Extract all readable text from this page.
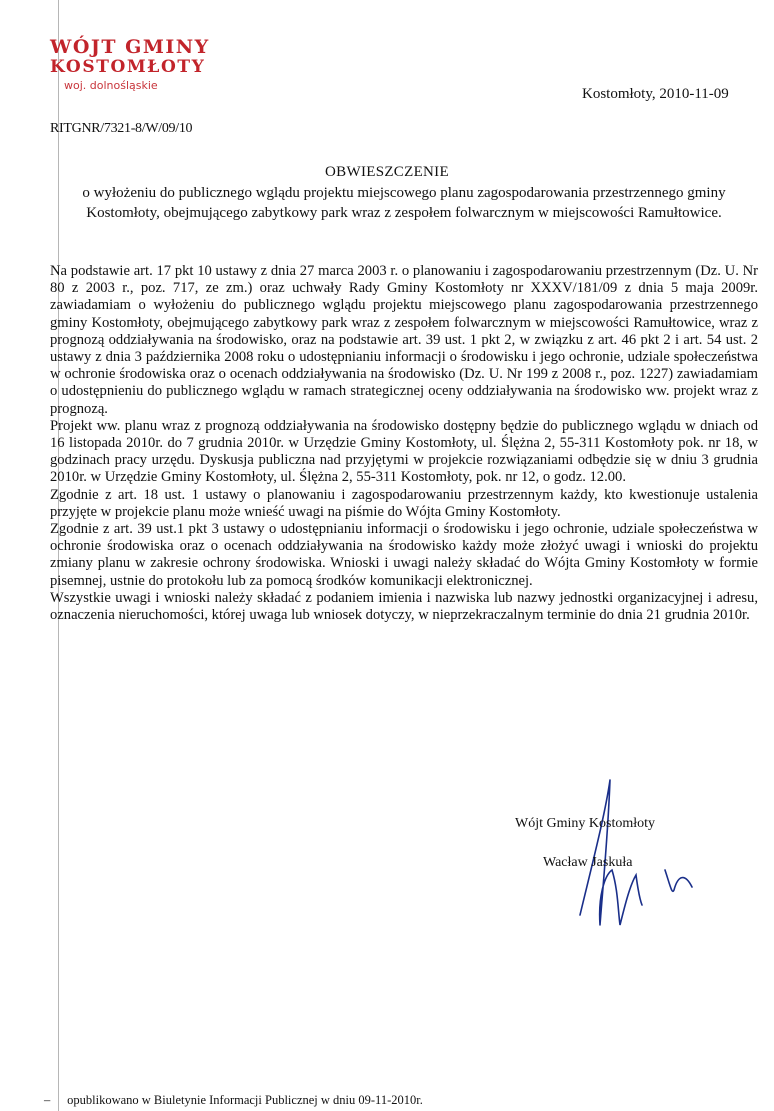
WÓJT GMINY
KOSTOMŁOTY
woj. dolnośląskie
Kostomłoty, 2010-11-09
RITGNR/7321-8/W/09/10
OBWIESZCZENIE
o wyłożeniu do publicznego wglądu projektu miejscowego planu zagospodarowania przestrzennego gminy Kostomłoty, obejmującego zabytkowy park wraz z zespołem folwarcznym w miejscowości Ramułtowice.

Na podstawie art. 17 pkt 10 ustawy z dnia 27 marca 2003 r. o planowaniu i zagospodarowaniu przestrzennym (Dz. U. Nr 80 z 2003 r., poz. 717, ze zm.) oraz uchwały Rady Gminy Kostomłoty nr XXXV/181/09 z dnia 5 maja 2009r. zawiadamiam o wyłożeniu do publicznego wglądu projektu miejscowego planu zagospodarowania przestrzennego gminy Kostomłoty, obejmującego zabytkowy park wraz z zespołem folwarcznym w miejscowości Ramułtowice, wraz z prognozą oddziaływania na środowisko, oraz na podstawie art. 39 ust. 1 pkt 2, w związku z art. 46 pkt 2 i art. 54 ust. 2 ustawy z dnia 3 października 2008 roku o udostępnianiu informacji o środowisku i jego ochronie, udziale społeczeństwa w ochronie środowiska oraz o ocenach oddziaływania na środowisko (Dz. U. Nr 199 z 2008 r., poz. 1227) zawiadamiam o udostępnieniu do publicznego wglądu w ramach strategicznej oceny oddziaływania na środowisko ww. projekt wraz z prognozą.

Projekt ww. planu wraz z prognozą oddziaływania na środowisko dostępny będzie do publicznego wglądu w dniach od 16 listopada 2010r. do 7 grudnia 2010r. w Urzędzie Gminy Kostomłoty, ul. Ślężna 2, 55-311 Kostomłoty pok. nr 18, w godzinach pracy urzędu. Dyskusja publiczna nad przyjętymi w projekcie rozwiązaniami odbędzie się w dniu 3 grudnia 2010r. w Urzędzie Gminy Kostomłoty, ul. Ślężna 2, 55-311 Kostomłoty, pok. nr 12, o godz. 12.00.

Zgodnie z art. 18 ust. 1 ustawy o planowaniu i zagospodarowaniu przestrzennym każdy, kto kwestionuje ustalenia przyjęte w projekcie planu może wnieść uwagi na piśmie do Wójta Gminy Kostomłoty.

Zgodnie z art. 39 ust.1 pkt 3 ustawy o udostępnianiu informacji o środowisku i jego ochronie, udziale społeczeństwa w ochronie środowiska oraz o ocenach oddziaływania na środowisko każdy może złożyć uwagi i wnioski do projektu zmiany planu w zakresie ochrony środowiska. Wnioski i uwagi należy składać do Wójta Gminy Kostomłoty w formie pisemnej, ustnie do protokołu lub za pomocą środków komunikacji elektronicznej.

Wszystkie uwagi i wnioski należy składać z podaniem imienia i nazwiska lub nazwy jednostki organizacyjnej i adresu, oznaczenia nieruchomości, której uwaga lub wniosek dotyczy, w nieprzekraczalnym terminie do dnia 21 grudnia 2010r.

Wójt Gminy Kostomłoty
Wacław Jaskuła
– opublikowano w Biuletynie Informacji Publicznej w dniu 09-11-2010r.
